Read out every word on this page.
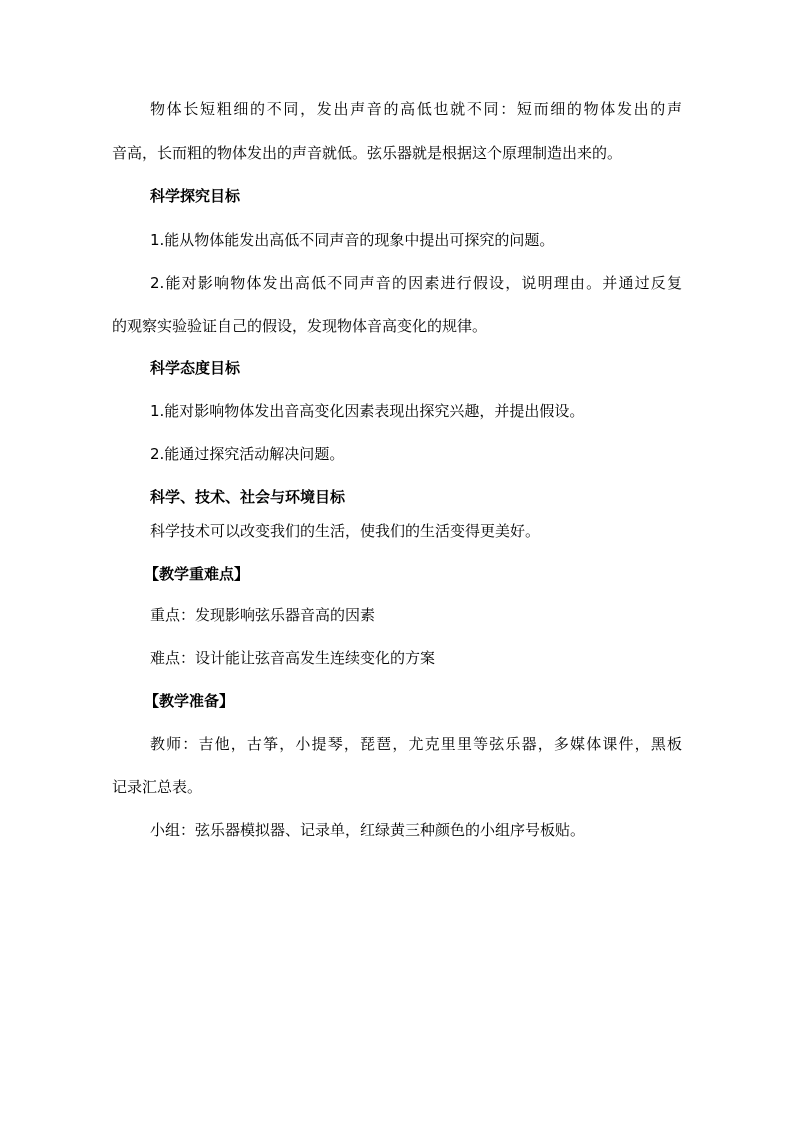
物体长短粗细的不同，发出声音的高低也就不同：短而细的物体发出的声
音高，长而粗的物体发出的声音就低。弦乐器就是根据这个原理制造出来的。
科学探究目标
1.能从物体能发出高低不同声音的现象中提出可探究的问题。
2.能对影响物体发出高低不同声音的因素进行假设，说明理由。并通过反复
的观察实验验证自己的假设，发现物体音高变化的规律。
科学态度目标
1.能对影响物体发出音高变化因素表现出探究兴趣，并提出假设。
2.能通过探究活动解决问题。
科学、技术、社会与环境目标
科学技术可以改变我们的生活，使我们的生活变得更美好。
【教学重难点】
重点：发现影响弦乐器音高的因素
难点：设计能让弦音高发生连续变化的方案
【教学准备】
教师：吉他，古筝，小提琴，琵琶，尤克里里等弦乐器，多媒体课件，黑板
记录汇总表。
小组：弦乐器模拟器、记录单，红绿黄三种颜色的小组序号板贴。
